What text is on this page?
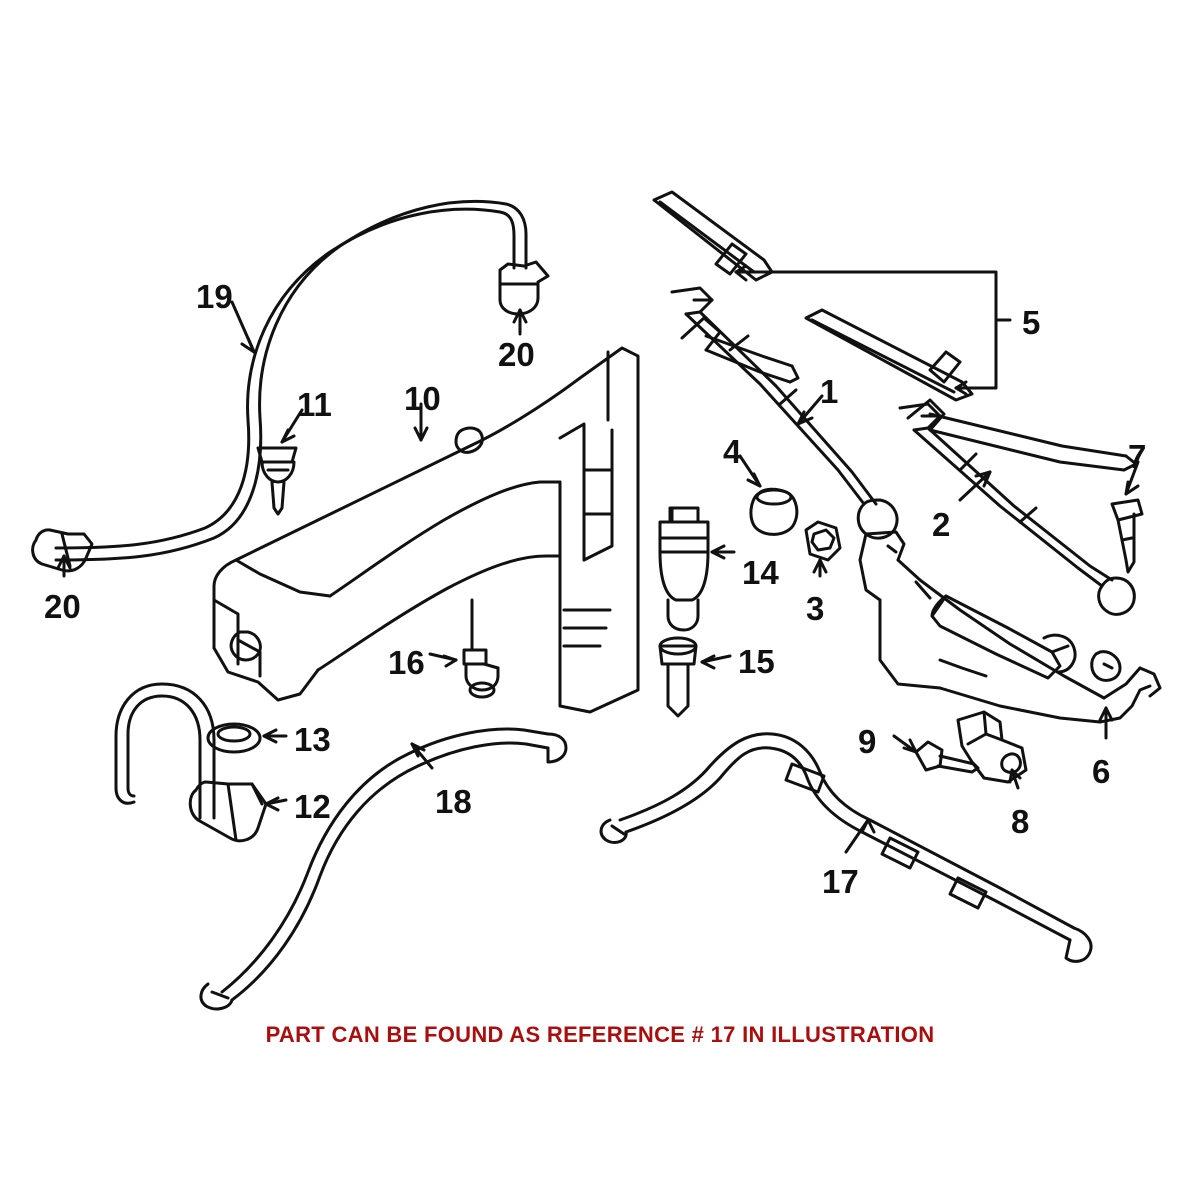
19
20
5
11 10	1
4	7
2
20
14
3
16	15
13	9
6
12	18
8
17
PART CAN BE FOUND AS REFERENCE # 17 IN ILLUSTRATION
